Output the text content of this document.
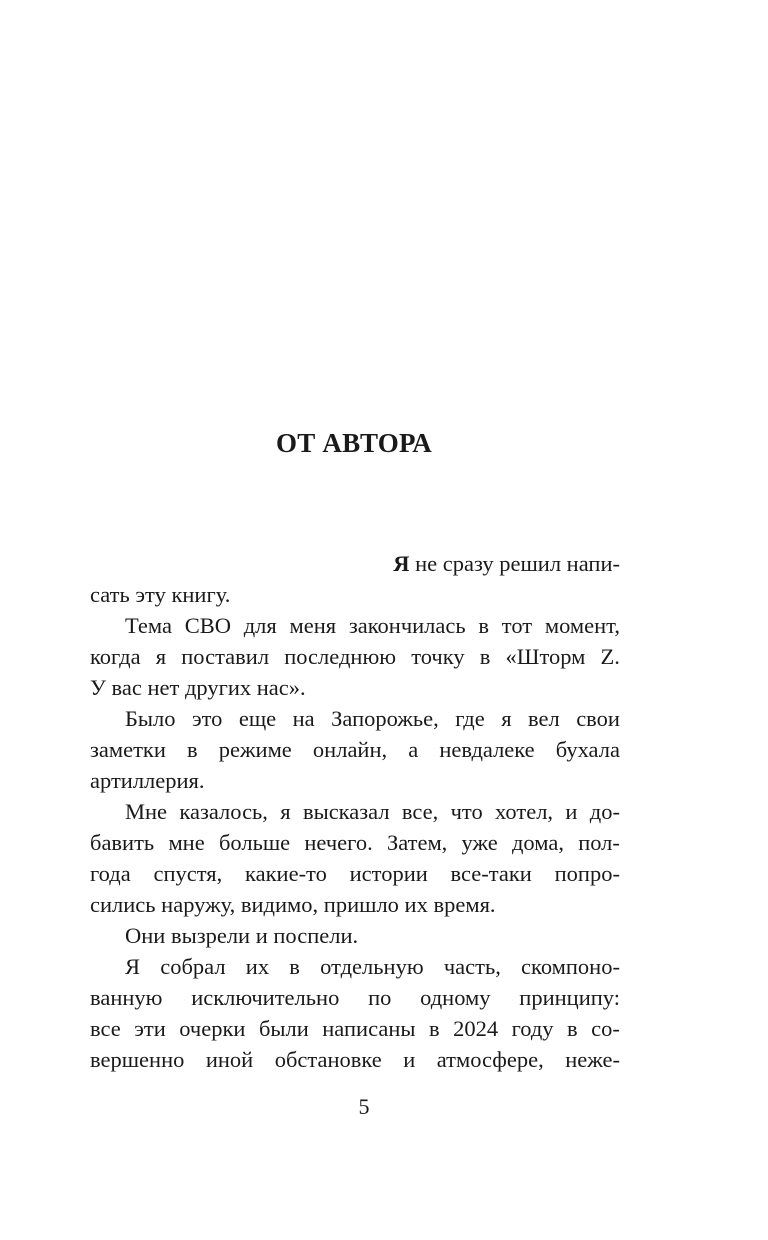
ОТ АВТОРА
Я не сразу решил напи-
сать эту книгу.
Тема СВО для меня закончилась в тот момент,
когда я поставил последнюю точку в «Шторм Z.
У вас нет других нас».
Было это еще на Запорожье, где я вел свои
заметки в режиме онлайн, а невдалеке бухала
артиллерия.
Мне казалось, я высказал все, что хотел, и до-
бавить мне больше нечего. Затем, уже дома, пол-
года спустя, какие-то истории все-таки попро-
сились наружу, видимо, пришло их время.
Они вызрели и поспели.
Я собрал их в отдельную часть, скомпоно-
ванную исключительно по одному принципу:
все эти очерки были написаны в 2024 году в со-
вершенно иной обстановке и атмосфере, неже-
5
